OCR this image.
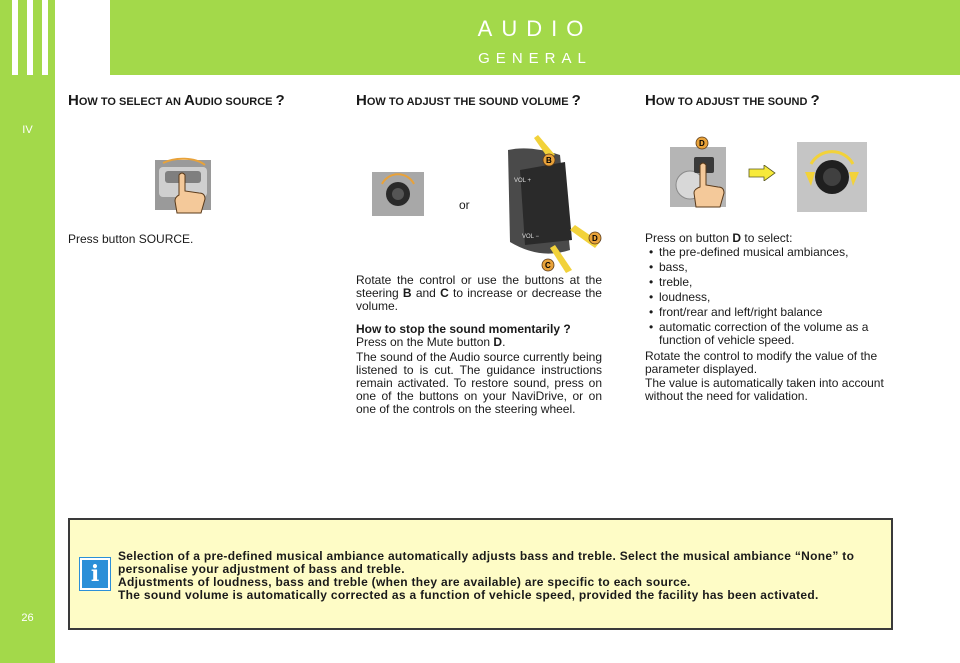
AUDIO
GENERAL
IV
26
HOW TO SELECT AN AUDIO SOURCE ?
Press button SOURCE.
HOW TO ADJUST THE SOUND VOLUME ?
or
VOL +
VOL −
B
D
C
Rotate the control or use the buttons at the steering B and C to increase or decrease the volume.
How to stop the sound momentarily ?
Press on the Mute button D.
The sound of the Audio source currently being listened to is cut. The guidance instructions remain activated. To restore sound, press on one of the buttons on your NaviDrive, or on one of the controls on the steering wheel.
HOW TO ADJUST THE SOUND ?
D
Press on button D to select:
• the pre-defined musical ambiances,
• bass,
• treble,
• loudness,
• front/rear and left/right balance
• automatic correction of the volume as a function of vehicle speed.
Rotate the control to modify the value of the parameter displayed.
The value is automatically taken into account without the need for validation.
i

Selection of a pre-defined musical ambiance automatically adjusts bass and treble. Select the musical ambiance “None” to personalise your adjustment of bass and treble.

Adjustments of loudness, bass and treble (when they are available) are specific to each source.

The sound volume is automatically corrected as a function of vehicle speed, provided the facility has been activated.
